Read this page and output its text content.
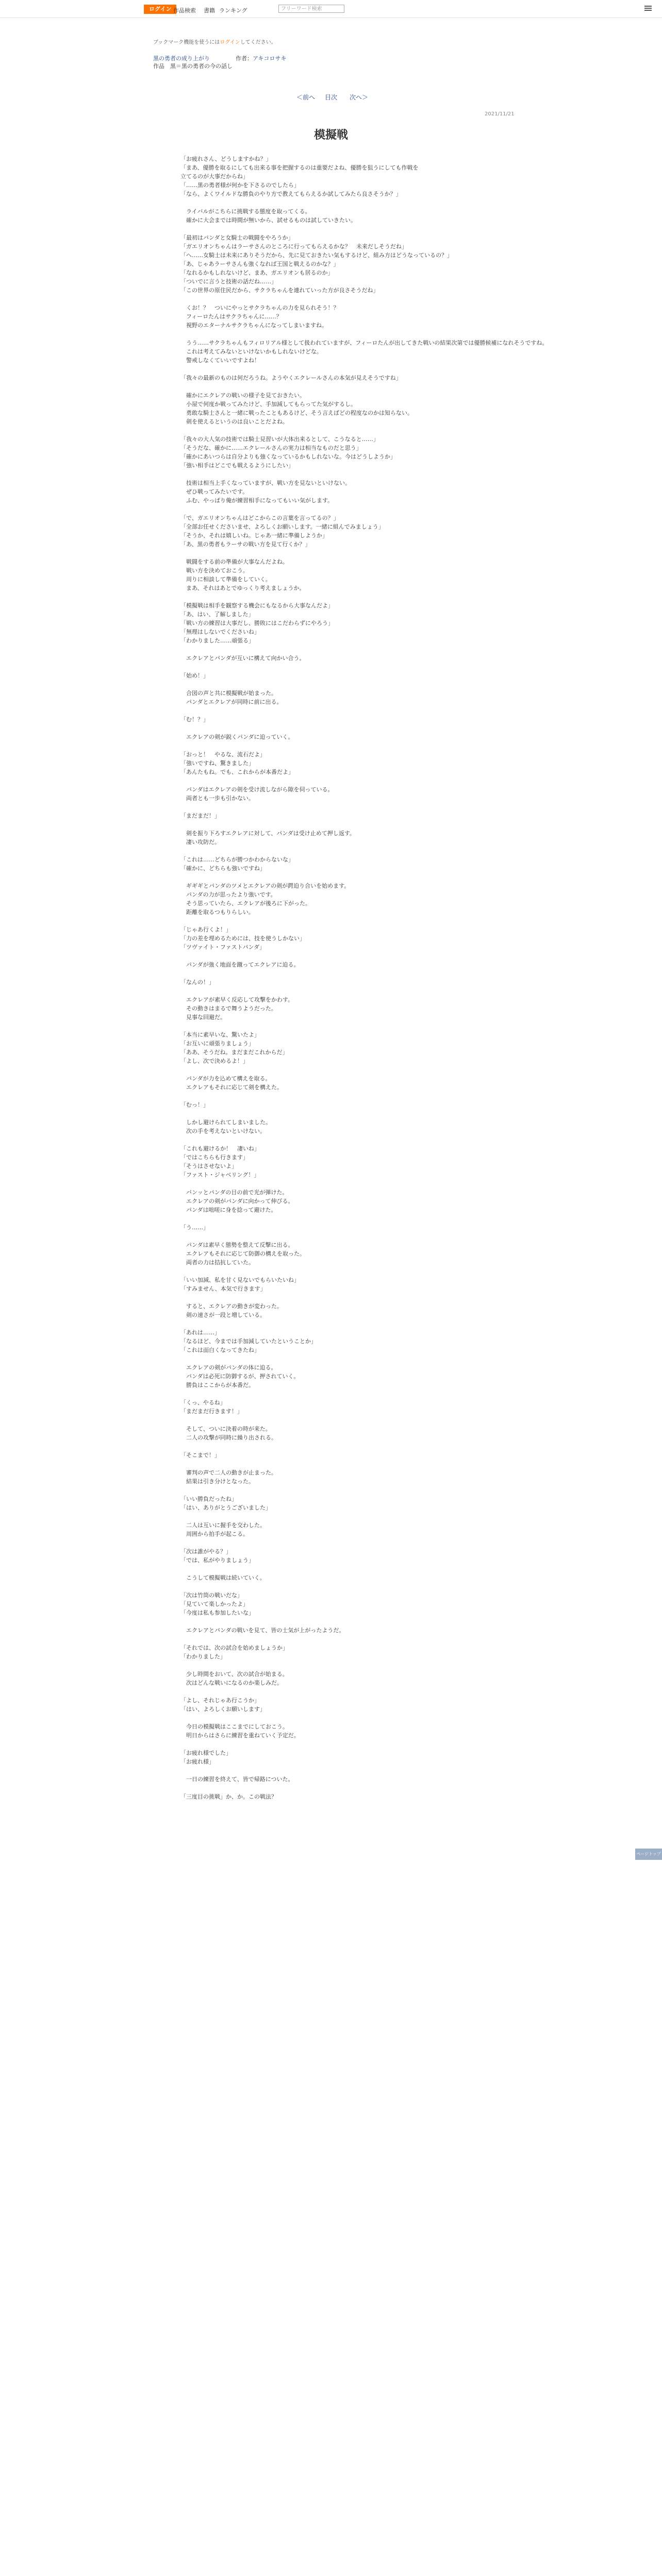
ログイン 作品検索 書籍 ランキング	フリーワード検索
ブックマーク機能を使うにはログインしてください。
黒の勇者の成り上がり	作者：アキコロサキ
作品　黒＝黒の勇者の今の話し
＜前へ 目次 次へ＞
2021/11/21
模擬戦

「お疲れさん、どうしますかね？」
「まあ、優勝を取るにしても出来る事を把握するのは重要だよね、優勝を狙うにしても作戦を
立てるのが大事だからね」
「……黒の勇者様が何かを下さるのでしたら」
「なら、よくワイルドな勝負のやり方で教えてもらえるか試してみたら良さそうか？」

　ライバルがこちらに挑戦する態度を取ってくる。
　確かに大会までは時間が無いから、試せるものは試していきたい。

「最初はパンダと女騎士の戦闘をやろうか」
「ガエリオンちゃんはラーサさんのところに行ってもらえるかな？　未来だしそうだね」
「へ……女騎士は未来にありそうだから、先に見ておきたい気もするけど、組み方はどうなっているの？」
「あ、じゃあラーサさんも強くなれば王国と戦えるのかな？」
「なれるかもしれないけど、まあ、ガエリオンも居るのか」
「ついでに言うと技術の話だね……」
「この世界の原住民だから、サクラちゃんを連れていった方が良さそうだね」

　くお！？　ついにやっとサクラちゃんの力を見られそう！？
　フィーロたんはサクラちゃんに……？
　視野のエターナルサクラちゃんになってしまいますね。

　うう……サクラちゃんもフィロリアル様として扱われていますが、フィーロたんが出してきた戦いの結果次第では優勝候補になれそうですね。
　これは考えてみないといけないかもしれないけどな。
　警戒しなくていいですよね！

「我々の最新のものは何だろうね。ようやくエクレールさんの本気が見えそうですね」

　確かにエクレアの戦いの様子を見ておきたい。
　小屋で何度か戦ってみたけど、手加減してもらってた気がするし。
　勇敢な騎士さんと一緒に戦ったこともあるけど、そう言えばどの程度なのかは知らない。
　剣を使えるというのは良いことだよね。

「我々の大人気の技術では騎士見習いが大体出来るとして、こうなると……」
「そうだな、確かに……エクレールさんの実力は相当なものだと思う」
「確かにあいつらは自分よりも強くなっているかもしれないな。今はどうしようか」
「強い相手はどこでも戦えるようにしたい」

　技術は相当上手くなっていますが、戦い方を見ないといけない。
　ぜひ戦ってみたいです。
　ふむ、やっぱり俺が練習相手になってもいい気がします。

「で、ガエリオンちゃんはどこからこの言葉を言ってるの？」
「全部お任せくださいませ、よろしくお願いします。一緒に組んでみましょう」
「そうか、それは嬉しいね。じゃあ一緒に準備しようか」
「あ、黒の勇者もラーサの戦い方を見て行くか？」

　戦闘をする前の準備が大事なんだよね。
　戦い方を決めておこう。
　周りに相談して準備をしていく。
　まあ、それはあとでゆっくり考えましょうか。

「模擬戦は相手を観察する機会にもなるから大事なんだよ」
「あ、はい、了解しました」
「戦い方の練習は大事だし、勝敗にはこだわらずにやろう」
「無理はしないでくださいね」
「わかりました……頑張る」

　エクレアとパンダが互いに構えて向かい合う。

「始め！」

　合図の声と共に模擬戦が始まった。
　パンダとエクレアが同時に前に出る。

「む！？」

　エクレアの剣が鋭くパンダに迫っていく。

「おっと！　やるな、流石だよ」
「強いですね、驚きました」
「あんたもね。でも、これからが本番だよ」

　パンダはエクレアの剣を受け流しながら隙を伺っている。
　両者とも一歩も引かない。

「まだまだ！」

　剣を振り下ろすエクレアに対して、パンダは受け止めて押し返す。
　凄い攻防だ。

「これは……どちらが勝つかわからないな」
「確かに、どちらも強いですね」

　ギギギとパンダのツメとエクレアの剣が鍔迫り合いを始めます。
　パンダの力が思ったより強いです。
　そう思っていたら、エクレアが後ろに下がった。
　距離を取るつもりらしい。

「じゃあ行くよ！」
「力の差を埋めるためには、技を使うしかない」
「ツヴァイト・ファストパンダ」

　パンダが強く地面を蹴ってエクレアに迫る。

「なんの！」

　エクレアが素早く反応して攻撃をかわす。
　その動きはまるで舞うようだった。
　見事な回避だ。

「本当に素早いな、驚いたよ」
「お互いに頑張りましょう」
「ああ、そうだね。まだまだこれからだ」
「よし、次で決めるよ！」

　パンダが力を込めて構えを取る。
　エクレアもそれに応じて剣を構えた。

「むっ！」

　しかし避けられてしまいました。
　次の手を考えないといけない。

「これも避けるか！　凄いね」
「ではこちらも行きます」
「そうはさせないよ」
「ファスト・ジャベリング！」

　バンッとパンダの目の前で光が弾けた。
　エクレアの剣がパンダに向かって伸びる。
　パンダは咄嗟に身を捻って避けた。

「う……」

　パンダは素早く態勢を整えて反撃に出る。
　エクレアもそれに応じて防御の構えを取った。
　両者の力は拮抗していた。

「いい加減、私を甘く見ないでもらいたいね」
「すみません、本気で行きます」

　すると、エクレアの動きが変わった。
　剣の速さが一段と増している。

「あれは……」
「なるほど、今までは手加減していたということか」
「これは面白くなってきたね」

　エクレアの剣がパンダの体に迫る。
　パンダは必死に防御するが、押されていく。
　勝負はここからが本番だ。

「くっ、やるね」
「まだまだ行きます！」

　そして、ついに決着の時が来た。
　二人の攻撃が同時に繰り出される。

「そこまで！」

　審判の声で二人の動きが止まった。
　結果は引き分けとなった。

「いい勝負だったね」
「はい、ありがとうございました」

　二人は互いに握手を交わした。
　周囲から拍手が起こる。

「次は誰がやる？」
「では、私がやりましょう」

　こうして模擬戦は続いていく。

「次は竹筒の戦いだな」
「見ていて楽しかったよ」
「今度は私も参加したいな」

　エクレアとパンダの戦いを見て、皆の士気が上がったようだ。

「それでは、次の試合を始めましょうか」
「わかりました」

　少し時間をおいて、次の試合が始まる。
　次はどんな戦いになるのか楽しみだ。

「よし、それじゃあ行こうか」
「はい、よろしくお願いします」

　今日の模擬戦はここまでにしておこう。
　明日からはさらに練習を重ねていく予定だ。

「お疲れ様でした」
「お疲れ様」

　一日の練習を終えて、皆で帰路についた。

「三度目の挑戦」か、か。この戦法？

ページトップへ
